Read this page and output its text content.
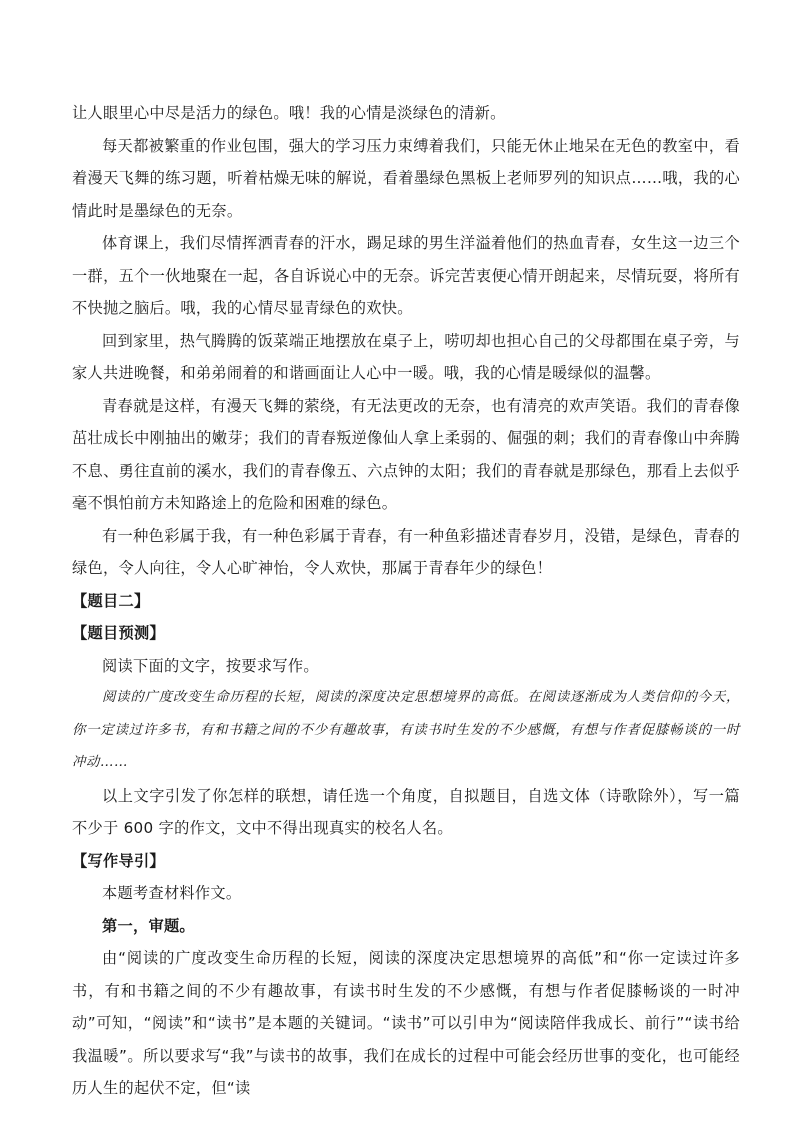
让人眼里心中尽是活力的绿色。哦！我的心情是淡绿色的清新。

每天都被繁重的作业包围，强大的学习压力束缚着我们，只能无休止地呆在无色的教室中，看着漫天飞舞的练习题，听着枯燥无味的解说，看着墨绿色黑板上老师罗列的知识点……哦，我的心情此时是墨绿色的无奈。

体育课上，我们尽情挥洒青春的汗水，踢足球的男生洋溢着他们的热血青春，女生这一边三个一群，五个一伙地聚在一起，各自诉说心中的无奈。诉完苦衷便心情开朗起来，尽情玩耍，将所有不快抛之脑后。哦，我的心情尽显青绿色的欢快。

回到家里，热气腾腾的饭菜端正地摆放在桌子上，唠叨却也担心自己的父母都围在桌子旁，与家人共进晚餐，和弟弟闹着的和谐画面让人心中一暖。哦，我的心情是暖绿似的温馨。

青春就是这样，有漫天飞舞的萦绕，有无法更改的无奈，也有清亮的欢声笑语。我们的青春像茁壮成长中刚抽出的嫩芽；我们的青春叛逆像仙人拿上柔弱的、倔强的刺；我们的青春像山中奔腾不息、勇往直前的溪水，我们的青春像五、六点钟的太阳；我们的青春就是那绿色，那看上去似乎毫不惧怕前方未知路途上的危险和困难的绿色。

有一种色彩属于我，有一种色彩属于青春，有一种鱼彩描述青春岁月，没错，是绿色，青春的绿色，令人向往，令人心旷神怡，令人欢快，那属于青春年少的绿色！

【题目二】

【题目预测】

阅读下面的文字，按要求写作。

阅读的广度改变生命历程的长短，阅读的深度决定思想境界的高低。在阅读逐渐成为人类信仰的今天，你一定读过许多书，有和书籍之间的不少有趣故事，有读书时生发的不少感慨，有想与作者促膝畅谈的一时冲动……

以上文字引发了你怎样的联想，请任选一个角度，自拟题目，自选文体（诗歌除外），写一篇不少于 600 字的作文，文中不得出现真实的校名人名。

【写作导引】

本题考查材料作文。

第一，审题。

由“阅读的广度改变生命历程的长短，阅读的深度决定思想境界的高低”和“你一定读过许多书，有和书籍之间的不少有趣故事，有读书时生发的不少感慨，有想与作者促膝畅谈的一时冲动”可知，“阅读”和“读书”是本题的关键词。“读书”可以引申为“阅读陪伴我成长、前行”“读书给我温暖”。所以要求写“我”与读书的故事，我们在成长的过程中可能会经历世事的变化，也可能经历人生的起伏不定，但“读
